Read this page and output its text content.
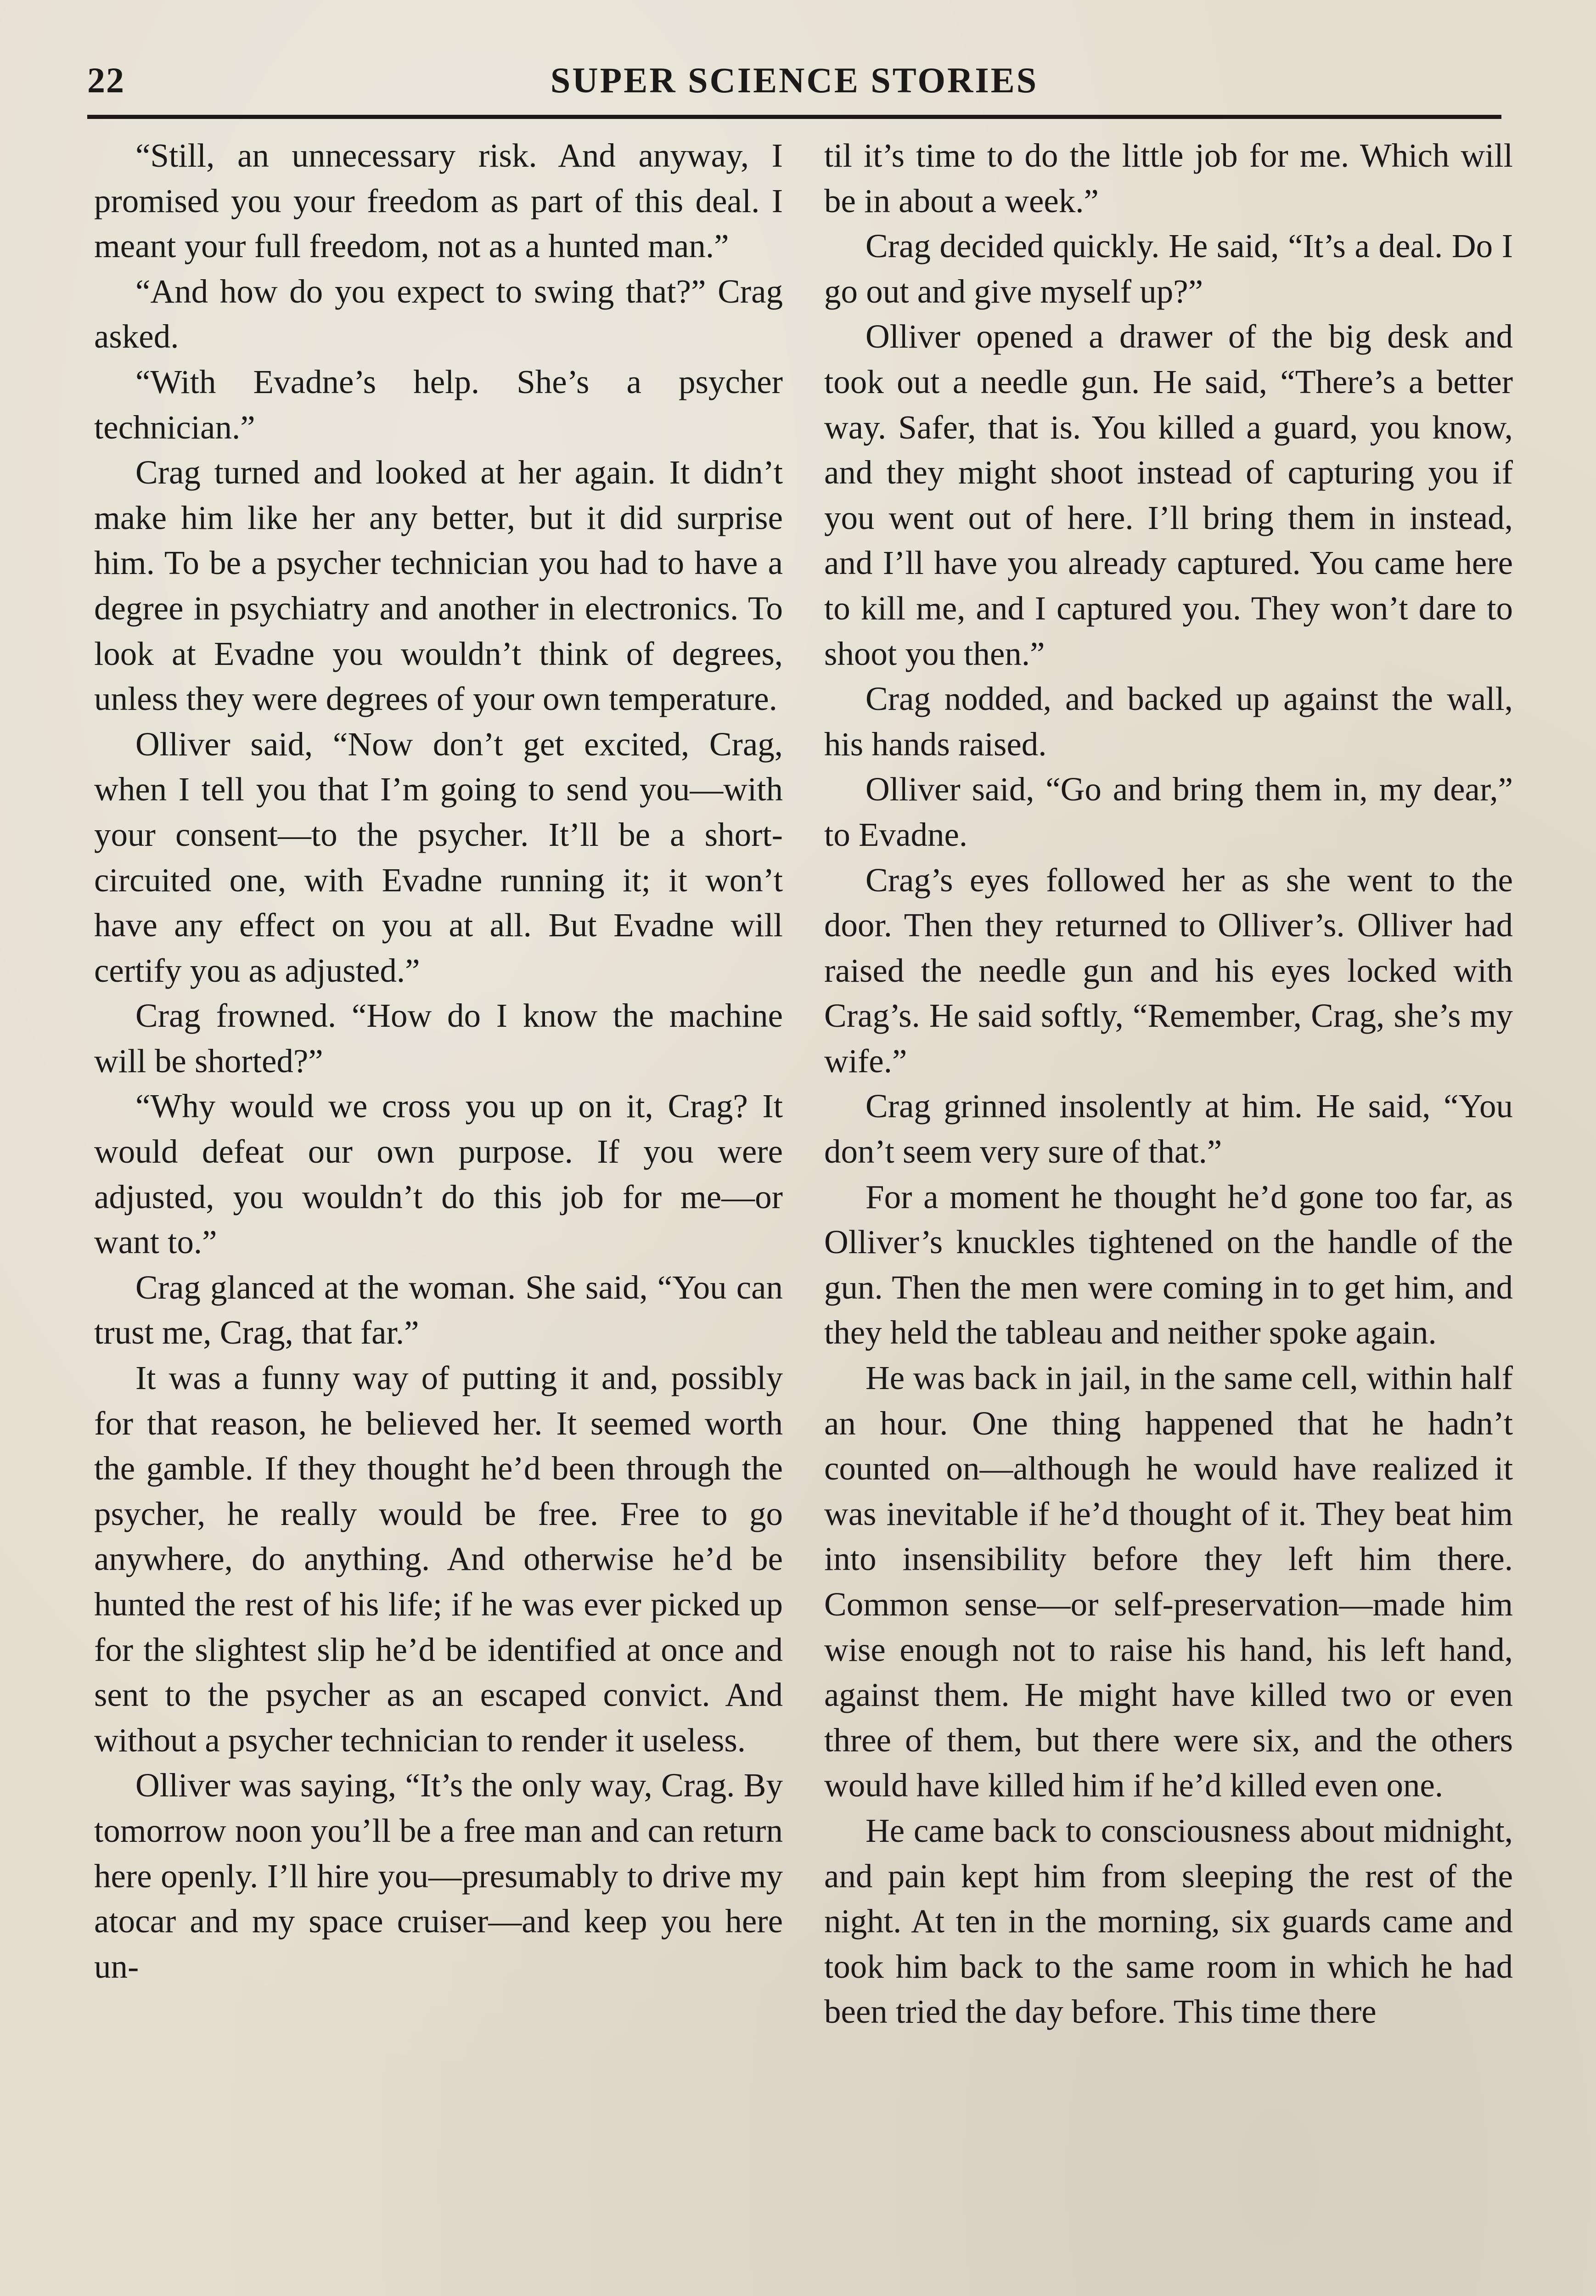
22	SUPER SCIENCE STORIES

“Still, an unnecessary risk. And anyway, I promised you your freedom as part of this deal. I meant your full freedom, not as a hunted man.”

“And how do you expect to swing that?” Crag asked.

“With Evadne’s help. She’s a psycher technician.”

Crag turned and looked at her again. It didn’t make him like her any better, but it did surprise him. To be a psycher technician you had to have a degree in psychiatry and another in electronics. To look at Evadne you wouldn’t think of degrees, unless they were degrees of your own temperature.

Olliver said, “Now don’t get excited, Crag, when I tell you that I’m going to send you—with your consent—to the psycher. It’ll be a short-circuited one, with Evadne running it; it won’t have any effect on you at all. But Evadne will certify you as adjusted.”

Crag frowned. “How do I know the machine will be shorted?”

“Why would we cross you up on it, Crag? It would defeat our own purpose. If you were adjusted, you wouldn’t do this job for me—or want to.”

Crag glanced at the woman. She said, “You can trust me, Crag, that far.”

It was a funny way of putting it and, possibly for that reason, he believed her. It seemed worth the gamble. If they thought he’d been through the psycher, he really would be free. Free to go anywhere, do anything. And otherwise he’d be hunted the rest of his life; if he was ever picked up for the slightest slip he’d be identified at once and sent to the psycher as an escaped convict. And without a psycher technician to render it useless.

Olliver was saying, “It’s the only way, Crag. By tomorrow noon you’ll be a free man and can return here openly. I’ll hire you—presumably to drive my atocar and my space cruiser—and keep you here un-

til it’s time to do the little job for me. Which will be in about a week.”

Crag decided quickly. He said, “It’s a deal. Do I go out and give myself up?”

Olliver opened a drawer of the big desk and took out a needle gun. He said, “There’s a better way. Safer, that is. You killed a guard, you know, and they might shoot instead of capturing you if you went out of here. I’ll bring them in instead, and I’ll have you already captured. You came here to kill me, and I captured you. They won’t dare to shoot you then.”

Crag nodded, and backed up against the wall, his hands raised.

Olliver said, “Go and bring them in, my dear,” to Evadne.

Crag’s eyes followed her as she went to the door. Then they returned to Olliver’s. Olliver had raised the needle gun and his eyes locked with Crag’s. He said softly, “Remember, Crag, she’s my wife.”

Crag grinned insolently at him. He said, “You don’t seem very sure of that.”

For a moment he thought he’d gone too far, as Olliver’s knuckles tightened on the handle of the gun. Then the men were coming in to get him, and they held the tableau and neither spoke again.

He was back in jail, in the same cell, within half an hour. One thing happened that he hadn’t counted on—although he would have realized it was inevitable if he’d thought of it. They beat him into insensibility before they left him there. Common sense—or self-preservation—made him wise enough not to raise his hand, his left hand, against them. He might have killed two or even three of them, but there were six, and the others would have killed him if he’d killed even one.

He came back to consciousness about midnight, and pain kept him from sleeping the rest of the night. At ten in the morning, six guards came and took him back to the same room in which he had been tried the day before. This time there
